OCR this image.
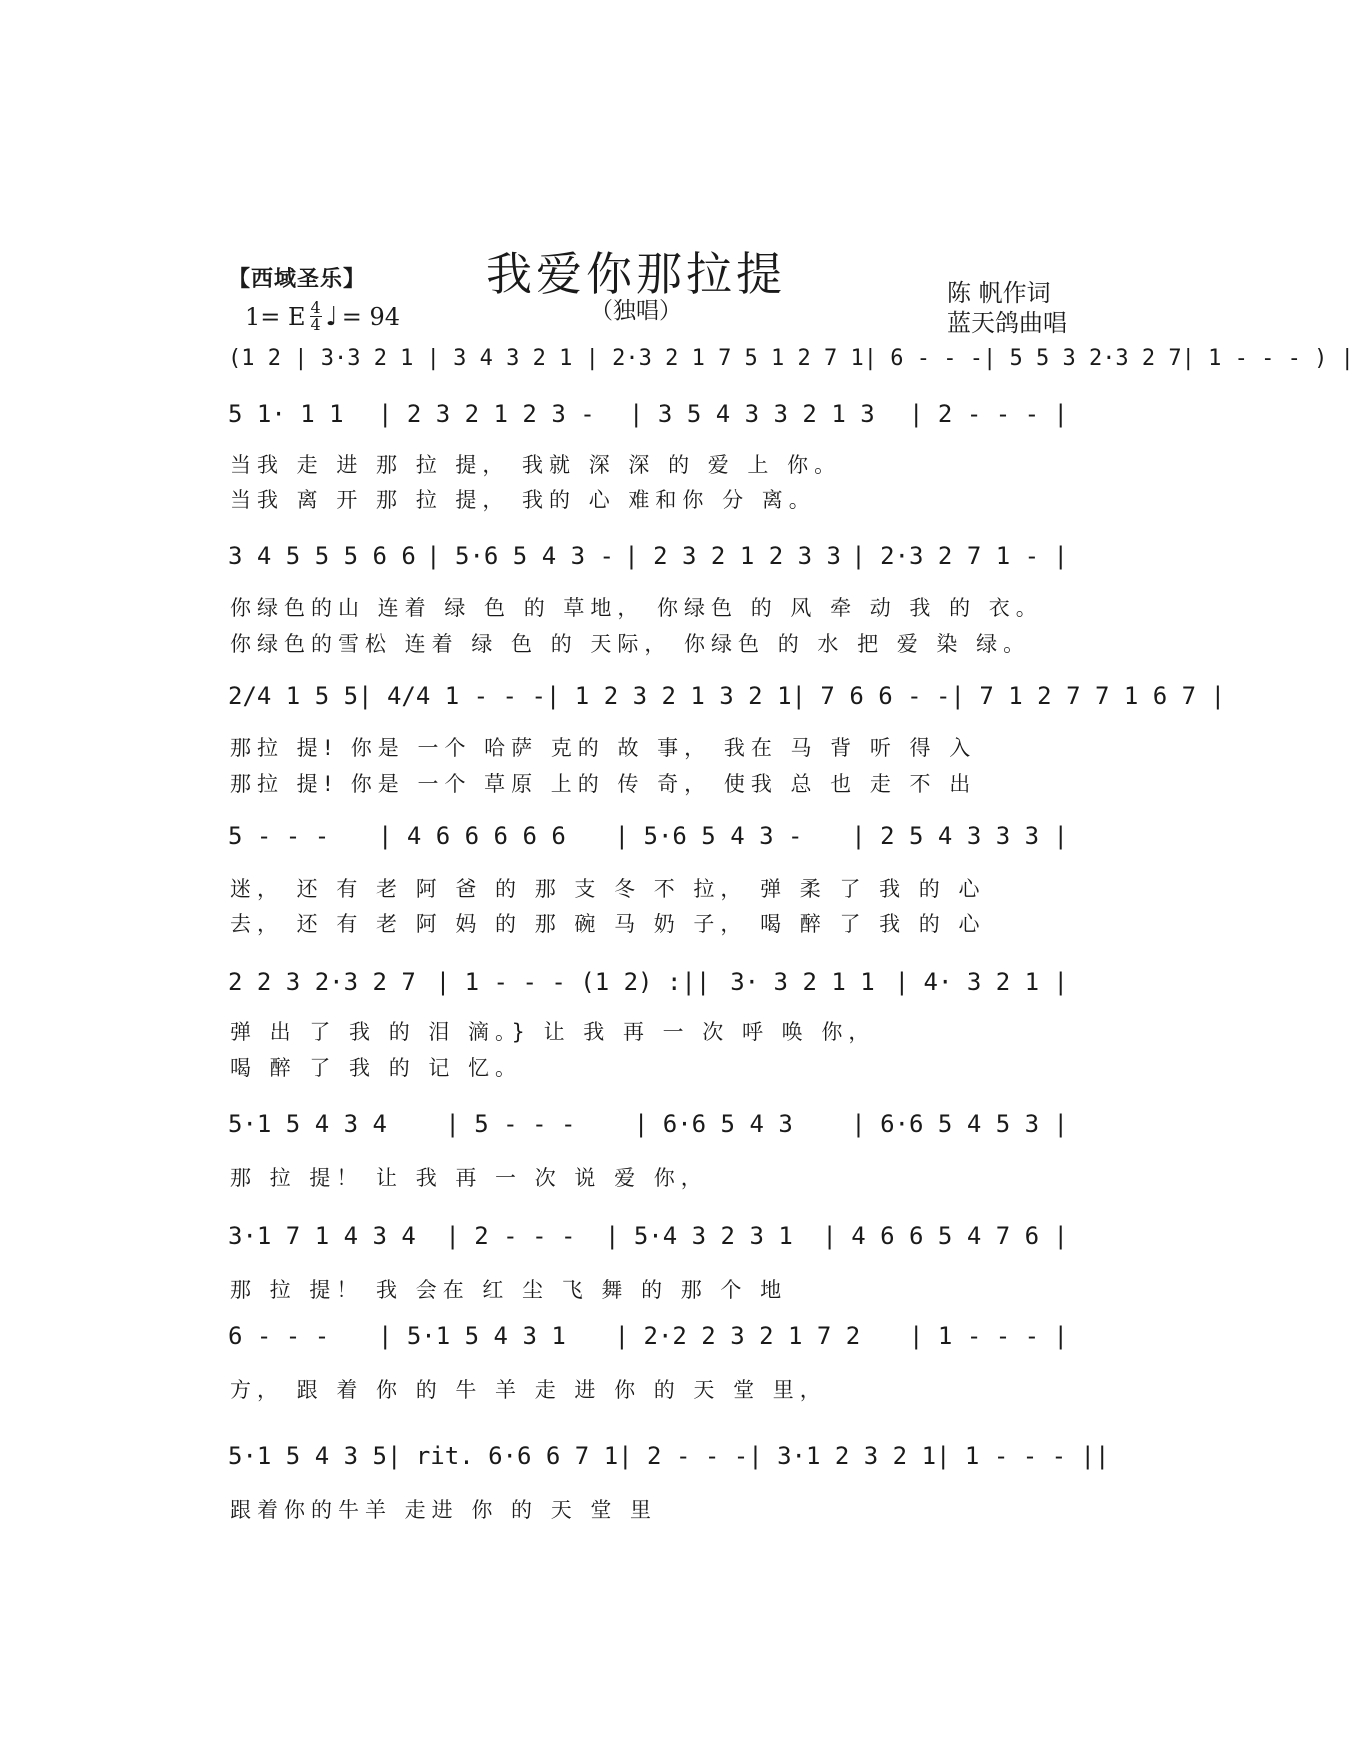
【西域圣乐】	我爱你那拉提
（独唱）
1= E $\frac{4}{4}$ ♩ = 94
陈 帆作词
蓝天鸽曲唱
(1 2 | 3·3 2 1 | 3 4 3 2 1 | 2·3 2 1 7 5 1 2 7 1 | 6 - - - | 5 5 3 2·3 2 7 | 1 - - - ) |
5 1· 1 1 | 2 3 2 1 2 3 - | 3 5 4 3 3 2 1 3 | 2 - - - |
当我 走 进 那 拉 提， 我就 深 深 的 爱 上 你。
当我 离 开 那 拉 提， 我的 心 难和你 分 离。
3 4 5 5 5 6 6 | 5·6 5 4 3 - | 2 3 2 1 2 3 3 | 2·3 2 7 1 - |
你绿色的山 连着 绿 色 的 草地， 你绿色 的 风 牵 动 我 的 衣。
你绿色的雪松 连着 绿 色 的 天际， 你绿色 的 水 把 爱 染 绿。
2/4 1 5 5 | 4/4 1 - - - | 1 2 3 2 1 3 2 1 | 7 6 6 - - | 7 1 2 7 7 1 6 7 |
那拉 提! 你是 一个 哈萨 克的 故 事， 我在 马 背 听 得 入
那拉 提! 你是 一个 草原 上的 传 奇， 使我 总 也 走 不 出
5 - - - | 4 6 6 6 6 6 | 5·6 5 4 3 - | 2 5 4 3 3 3 |
迷， 还 有 老 阿 爸 的 那 支 冬 不 拉， 弹 柔 了 我 的 心
去， 还 有 老 阿 妈 的 那 碗 马 奶 子， 喝 醉 了 我 的 心
2 2 3 2·3 2 7 | 1 - - - (1 2) :|| 3· 3 2 1 1 | 4· 3 2 1 |
弹 出 了 我 的 泪 滴。} 让 我 再 一 次 呼 唤 你，
喝 醉 了 我 的 记 忆。
5·1 5 4 3 4 | 5 - - - | 6·6 5 4 3 | 6·6 5 4 5 3 |
那 拉 提！ 让 我 再 一 次 说 爱 你，
3·1 7 1 4 3 4 | 2 - - - | 5·4 3 2 3 1 | 4 6 6 5 4 7 6 |
那 拉 提！ 我 会在 红 尘 飞 舞 的 那 个 地
6 - - - | 5·1 5 4 3 1 | 2·2 2 3 2 1 7 2 | 1 - - - |
方， 跟 着 你 的 牛 羊 走 进 你 的 天 堂 里，
5·1 5 4 3 5 | rit. 6·6 6 7 1 | 2 - - - | 3·1 2 3 2 1 | 1 - - - ||
跟着你的牛羊 走进 你 的 天 堂 里
